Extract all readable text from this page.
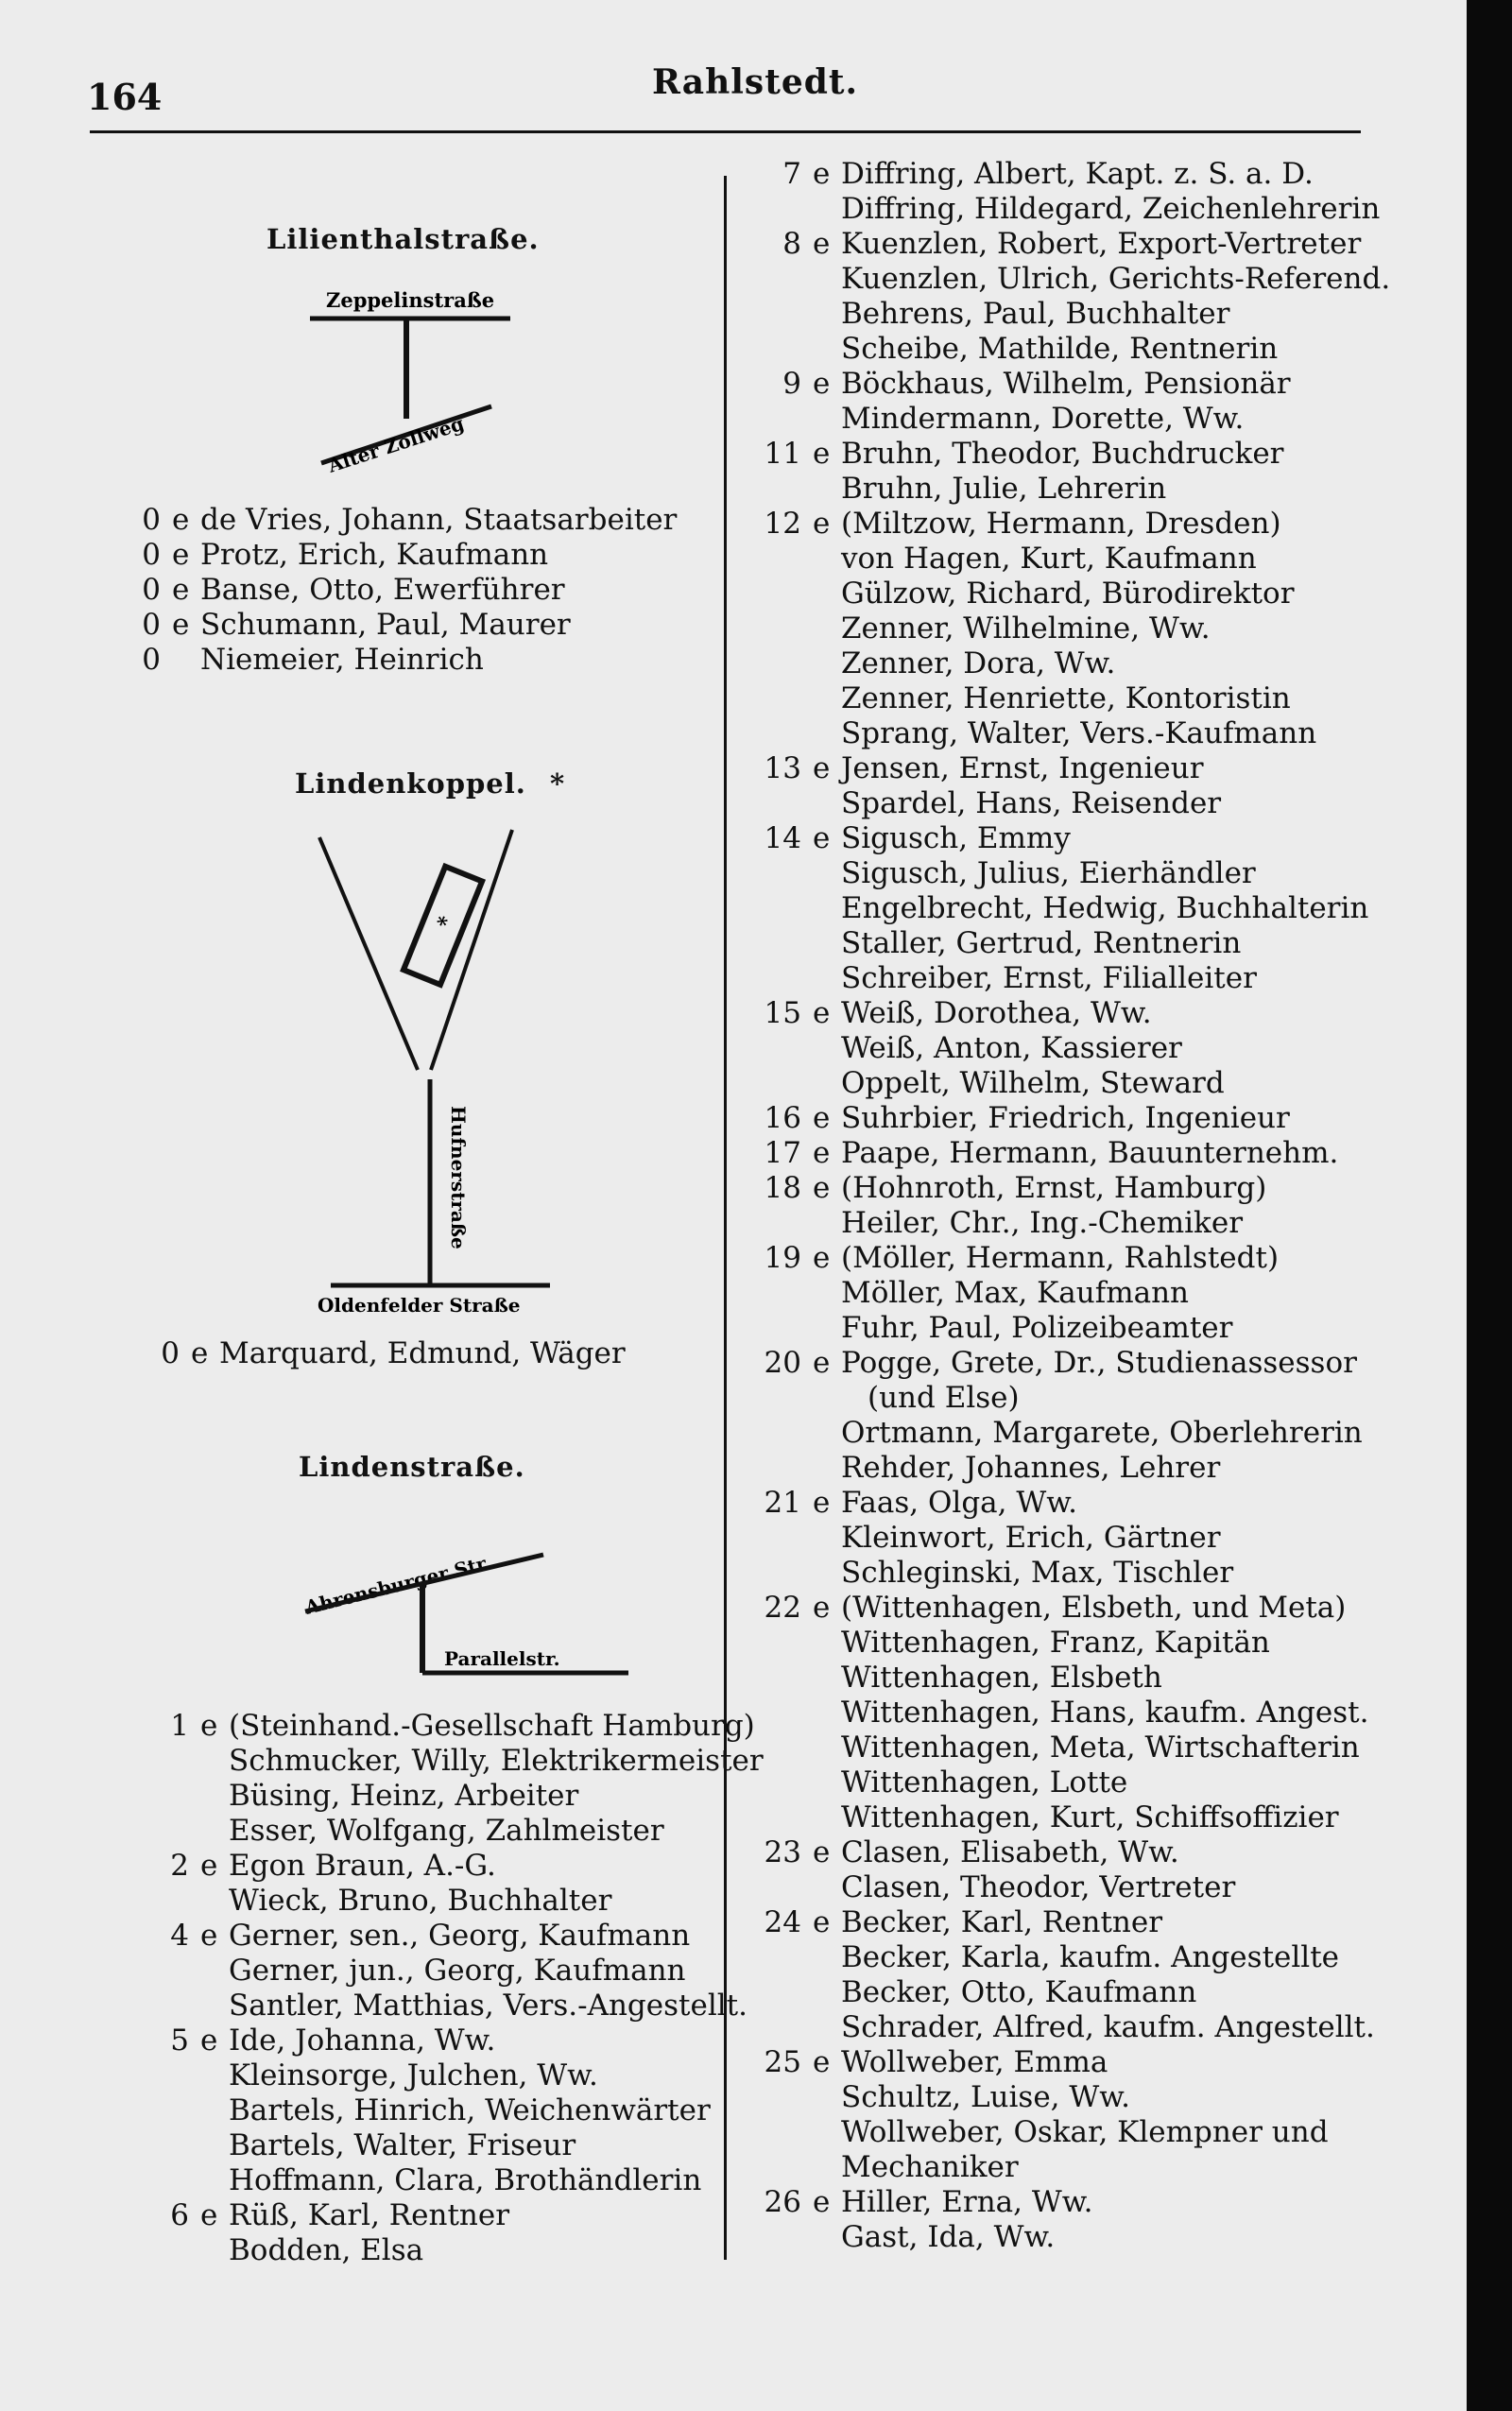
164	Rahlstedt.
Lilienthalstraße.
Zeppelinstraße
Alter Zollweg
0 e de Vries, Johann, Staatsarbeiter
0 e Protz, Erich, Kaufmann
0 e Banse, Otto, Ewerführer
0 e Schumann, Paul, Maurer
0 Niemeier, Heinrich
Lindenkoppel. *
*
Hufnerstraße
Oldenfelder Straße
0 e Marquard, Edmund, Wäger
Lindenstraße.
Ahrensburger Str.
Parallelstr.
1 e (Steinhand.-Gesellschaft Hamburg)
Schmucker, Willy, Elektrikermeister
Büsing, Heinz, Arbeiter
Esser, Wolfgang, Zahlmeister
2 e Egon Braun, A.-G.
Wieck, Bruno, Buchhalter
4 e Gerner, sen., Georg, Kaufmann
Gerner, jun., Georg, Kaufmann
Santler, Matthias, Vers.-Angestellt.
5 e Ide, Johanna, Ww.
Kleinsorge, Julchen, Ww.
Bartels, Hinrich, Weichenwärter
Bartels, Walter, Friseur
Hoffmann, Clara, Brothändlerin
6 e Rüß, Karl, Rentner
Bodden, Elsa
7 e Diffring, Albert, Kapt. z. S. a. D.
Diffring, Hildegard, Zeichenlehrerin
8 e Kuenzlen, Robert, Export-Vertreter
Kuenzlen, Ulrich, Gerichts-Referend.
Behrens, Paul, Buchhalter
Scheibe, Mathilde, Rentnerin
9 e Böckhaus, Wilhelm, Pensionär
Mindermann, Dorette, Ww.
11 e Bruhn, Theodor, Buchdrucker
Bruhn, Julie, Lehrerin
12 e (Miltzow, Hermann, Dresden)
von Hagen, Kurt, Kaufmann
Gülzow, Richard, Bürodirektor
Zenner, Wilhelmine, Ww.
Zenner, Dora, Ww.
Zenner, Henriette, Kontoristin
Sprang, Walter, Vers.-Kaufmann
13 e Jensen, Ernst, Ingenieur
Spardel, Hans, Reisender
14 e Sigusch, Emmy
Sigusch, Julius, Eierhändler
Engelbrecht, Hedwig, Buchhalterin
Staller, Gertrud, Rentnerin
Schreiber, Ernst, Filialleiter
15 e Weiß, Dorothea, Ww.
Weiß, Anton, Kassierer
Oppelt, Wilhelm, Steward
16 e Suhrbier, Friedrich, Ingenieur
17 e Paape, Hermann, Bauunternehm.
18 e (Hohnroth, Ernst, Hamburg)
Heiler, Chr., Ing.-Chemiker
19 e (Möller, Hermann, Rahlstedt)
Möller, Max, Kaufmann
Fuhr, Paul, Polizeibeamter
20 e Pogge, Grete, Dr., Studienassessor
(und Else)
Ortmann, Margarete, Oberlehrerin
Rehder, Johannes, Lehrer
21 e Faas, Olga, Ww.
Kleinwort, Erich, Gärtner
Schleginski, Max, Tischler
22 e (Wittenhagen, Elsbeth, und Meta)
Wittenhagen, Franz, Kapitän
Wittenhagen, Elsbeth
Wittenhagen, Hans, kaufm. Angest.
Wittenhagen, Meta, Wirtschafterin
Wittenhagen, Lotte
Wittenhagen, Kurt, Schiffsoffizier
23 e Clasen, Elisabeth, Ww.
Clasen, Theodor, Vertreter
24 e Becker, Karl, Rentner
Becker, Karla, kaufm. Angestellte
Becker, Otto, Kaufmann
Schrader, Alfred, kaufm. Angestellt.
25 e Wollweber, Emma
Schultz, Luise, Ww.
Wollweber, Oskar, Klempner und
Mechaniker
26 e Hiller, Erna, Ww.
Gast, Ida, Ww.
